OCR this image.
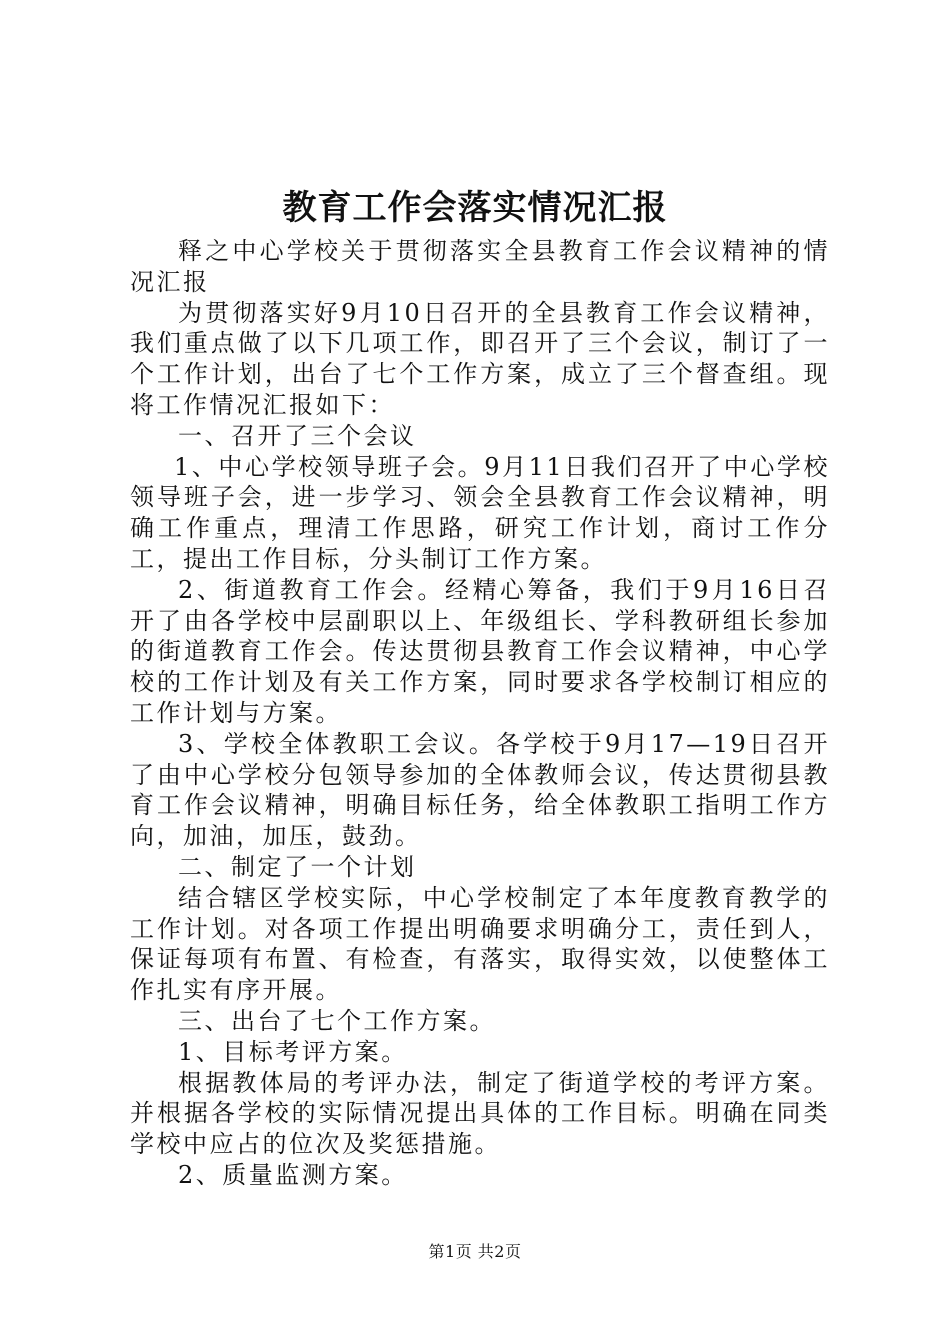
教育工作会落实情况汇报

释之中心学校关于贯彻落实全县教育工作会议精神的情况汇报

为贯彻落实好9月10日召开的全县教育工作会议精神，我们重点做了以下几项工作，即召开了三个会议，制订了一个工作计划，出台了七个工作方案，成立了三个督查组。现将工作情况汇报如下：

一、召开了三个会议

1、中心学校领导班子会。9月11日我们召开了中心学校领导班子会，进一步学习、领会全县教育工作会议精神，明确工作重点，理清工作思路，研究工作计划，商讨工作分工，提出工作目标，分头制订工作方案。

2、街道教育工作会。经精心筹备，我们于9月16日召开了由各学校中层副职以上、年级组长、学科教研组长参加的街道教育工作会。传达贯彻县教育工作会议精神，中心学校的工作计划及有关工作方案，同时要求各学校制订相应的工作计划与方案。

3、学校全体教职工会议。各学校于9月17—19日召开了由中心学校分包领导参加的全体教师会议，传达贯彻县教育工作会议精神，明确目标任务，给全体教职工指明工作方向，加油，加压，鼓劲。

二、制定了一个计划

结合辖区学校实际，中心学校制定了本年度教育教学的工作计划。对各项工作提出明确要求明确分工，责任到人，保证每项有布置、有检查，有落实，取得实效，以使整体工作扎实有序开展。

三、出台了七个工作方案。

1、目标考评方案。

根据教体局的考评办法，制定了街道学校的考评方案。并根据各学校的实际情况提出具体的工作目标。明确在同类学校中应占的位次及奖惩措施。

2、质量监测方案。

第1页 共2页
